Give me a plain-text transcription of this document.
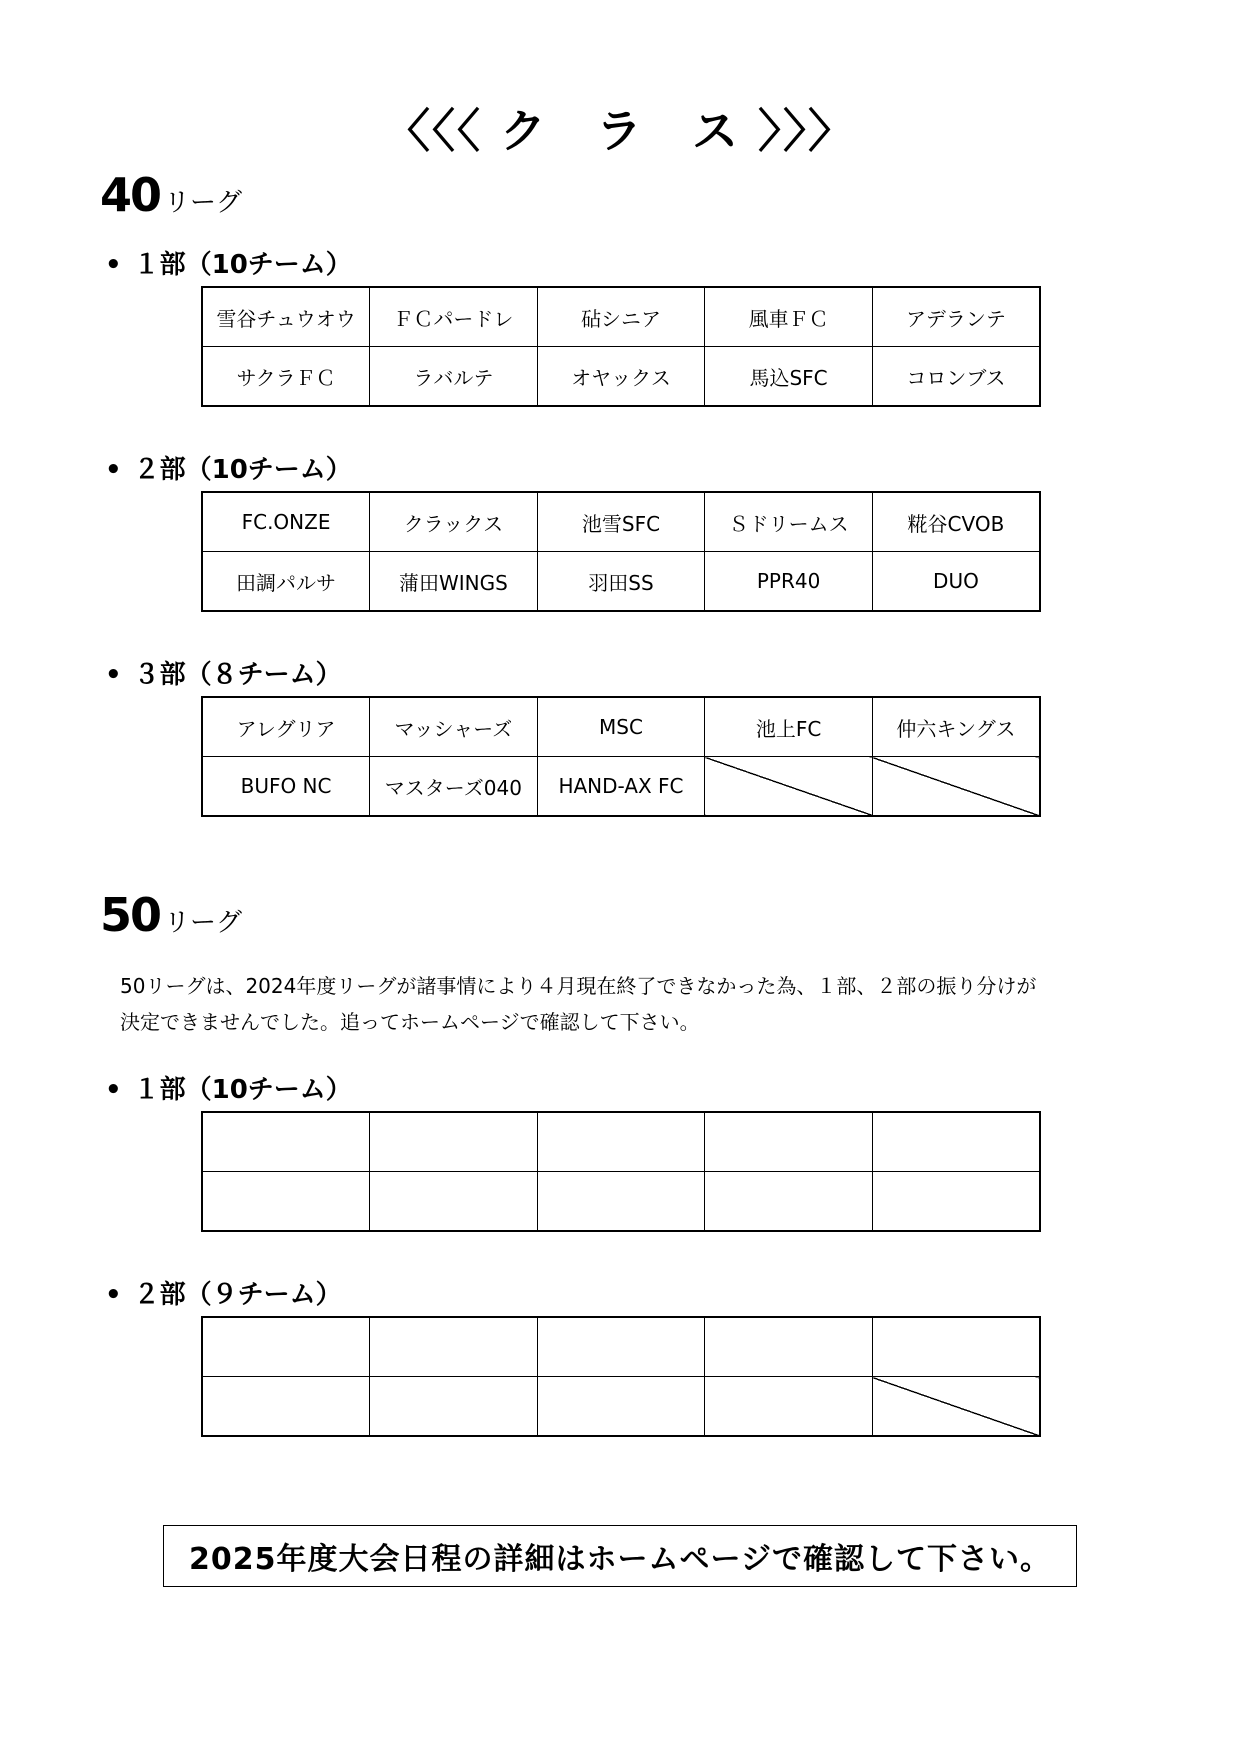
〈〈〈 ク　ラ　ス 〉〉〉
40 リーグ
• １部（10チーム）
雪谷チュウオウ	ＦＣパードレ	砧シニア	風車ＦＣ	アデランテ
サクラＦＣ	ラバルテ	オヤックス	馬込SFC	コロンブス
• ２部（10チーム）
FC.ONZE	クラックス	池雪SFC	Ｓドリームス	糀谷CVOB
田調パルサ	蒲田WINGS	羽田SS	PPR40	DUO
• ３部（８チーム）
アレグリア	マッシャーズ	MSC	池上FC	仲六キングス
BUFO NC	マスターズ040	HAND-AX FC		
50 リーグ

50リーグは、2024年度リーグが諸事情により４月現在終了できなかった為、１部、２部の振り分けが

決定できませんでした。追ってホームページで確認して下さい。

• １部（10チーム）

• ２部（９チーム）

2025年度大会日程の詳細はホームページで確認して下さい。
